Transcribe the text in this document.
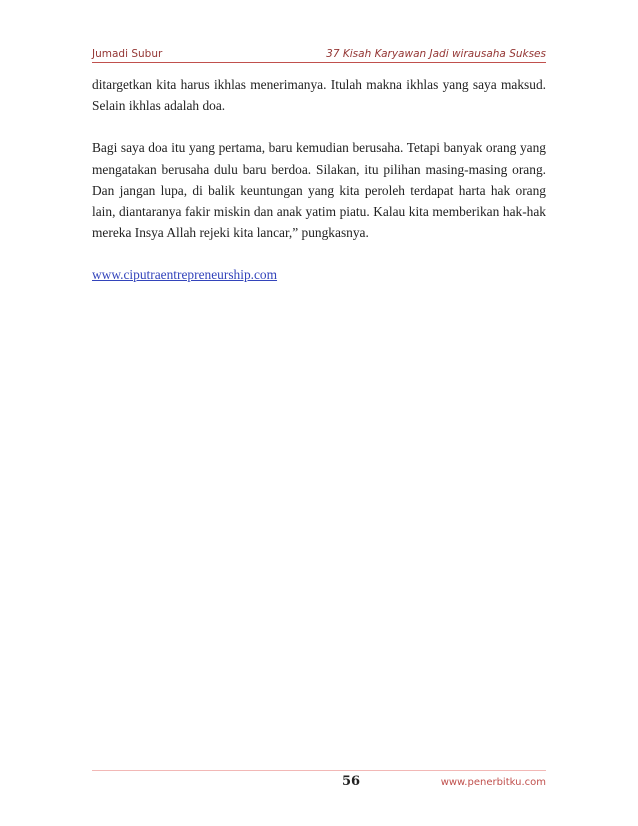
Jumadi Subur	37 Kisah Karyawan Jadi wirausaha Sukses

ditargetkan kita harus ikhlas menerimanya. Itulah makna ikhlas yang saya maksud. Selain ikhlas adalah doa.

Bagi saya doa itu yang pertama, baru kemudian berusaha. Tetapi banyak orang yang mengatakan berusaha dulu baru berdoa. Silakan, itu pilihan masing-masing orang. Dan jangan lupa, di balik keuntungan yang kita peroleh terdapat harta hak orang lain, diantaranya fakir miskin dan anak yatim piatu. Kalau kita memberikan hak-hak mereka Insya Allah rejeki kita lancar,” pungkasnya.

www.ciputraentrepreneurship.com

56	www.penerbitku.com
